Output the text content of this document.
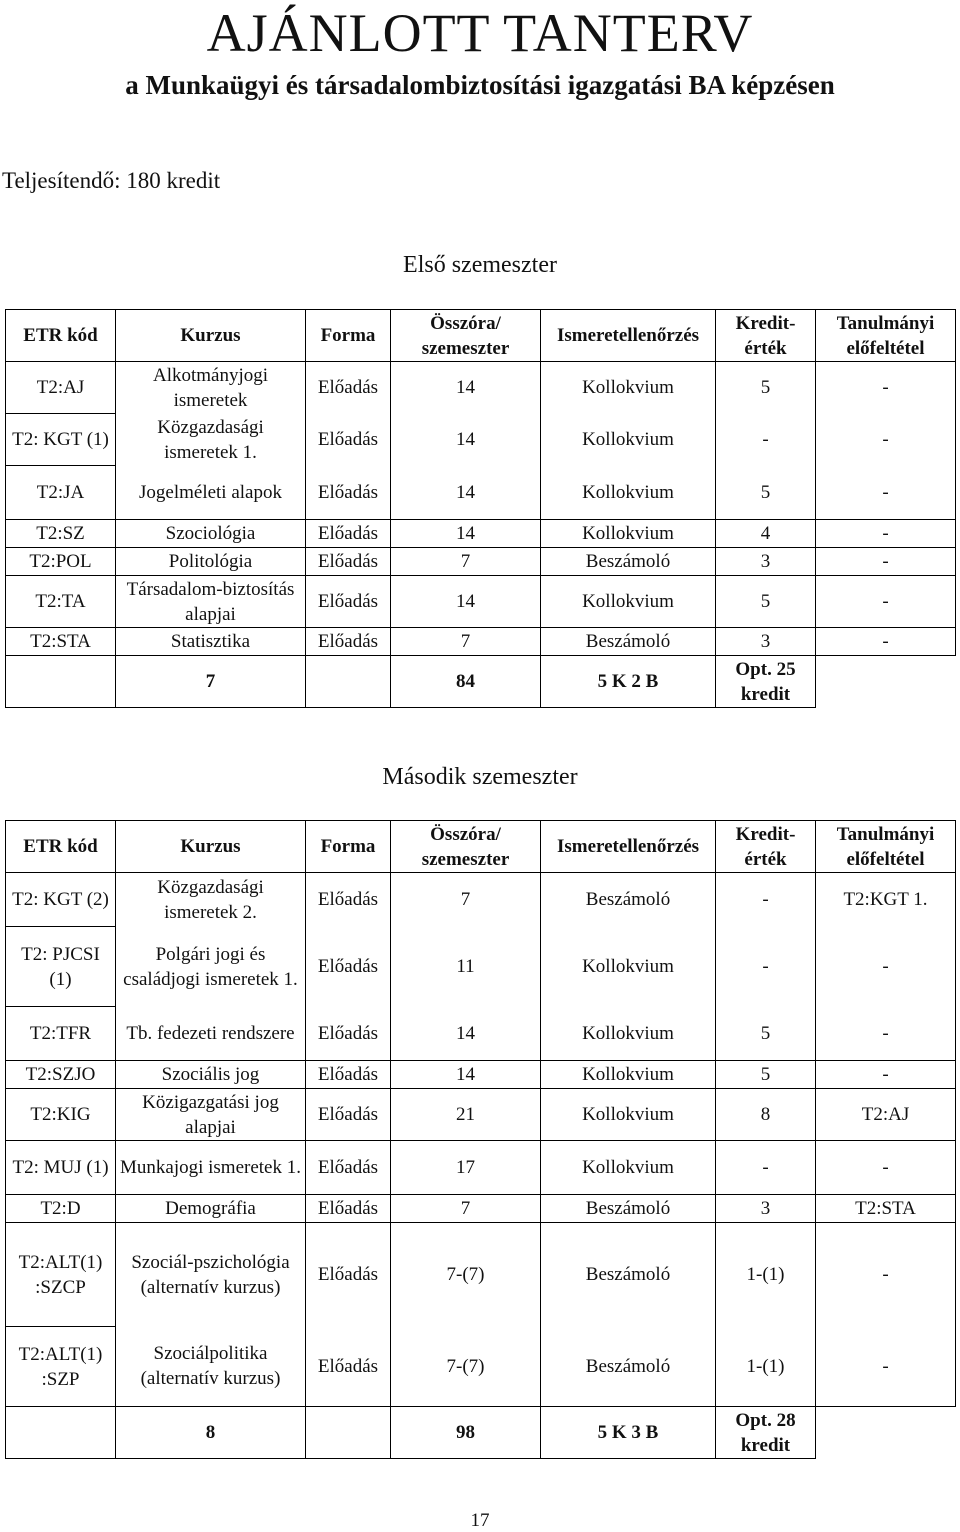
AJÁNLOTT TANTERV
a Munkaügyi és társadalombiztosítási igazgatási BA képzésen
Teljesítendő: 180 kredit
Első szemeszter
ETR kód	Kurzus	Forma	Összóra/ szemeszter	Ismeretellenőrzés	Kredit-érték	Tanulmányi előfeltétel
T2:AJ	Alkotmányjogi ismeretek	Előadás	14	Kollokvium	5	-
T2: KGT (1)	Közgazdasági ismeretek 1.	Előadás	14	Kollokvium	-	-
T2:JA	Jogelméleti alapok	Előadás	14	Kollokvium	5	-
T2:SZ	Szociológia	Előadás	14	Kollokvium	4	-
T2:POL	Politológia	Előadás	7	Beszámoló	3	-
T2:TA	Társadalom-biztosítás alapjai	Előadás	14	Kollokvium	5	-
T2:STA	Statisztika	Előadás	7	Beszámoló	3	-
	7		84	5 K 2 B	Opt. 25 kredit	
Második szemeszter
ETR kód	Kurzus	Forma	Összóra/ szemeszter	Ismeretellenőrzés	Kredit-érték	Tanulmányi előfeltétel
T2: KGT (2)	Közgazdasági ismeretek 2.	Előadás	7	Beszámoló	-	T2:KGT 1.
T2: PJCSI (1)	Polgári jogi és családjogi ismeretek 1.	Előadás	11	Kollokvium	-	-
T2:TFR	Tb. fedezeti rendszere	Előadás	14	Kollokvium	5	-
T2:SZJO	Szociális jog	Előadás	14	Kollokvium	5	-
T2:KIG	Közigazgatási jog alapjai	Előadás	21	Kollokvium	8	T2:AJ
T2: MUJ (1)	Munkajogi ismeretek 1.	Előadás	17	Kollokvium	-	-
T2:D	Demográfia	Előadás	7	Beszámoló	3	T2:STA
T2:ALT(1) :SZCP	Szociál-pszichológia (alternatív kurzus)	Előadás	7-(7)	Beszámoló	1-(1)	-
T2:ALT(1) :SZP	Szociálpolitika (alternatív kurzus)	Előadás	7-(7)	Beszámoló	1-(1)	-
	8		98	5 K 3 B	Opt. 28 kredit	
17
